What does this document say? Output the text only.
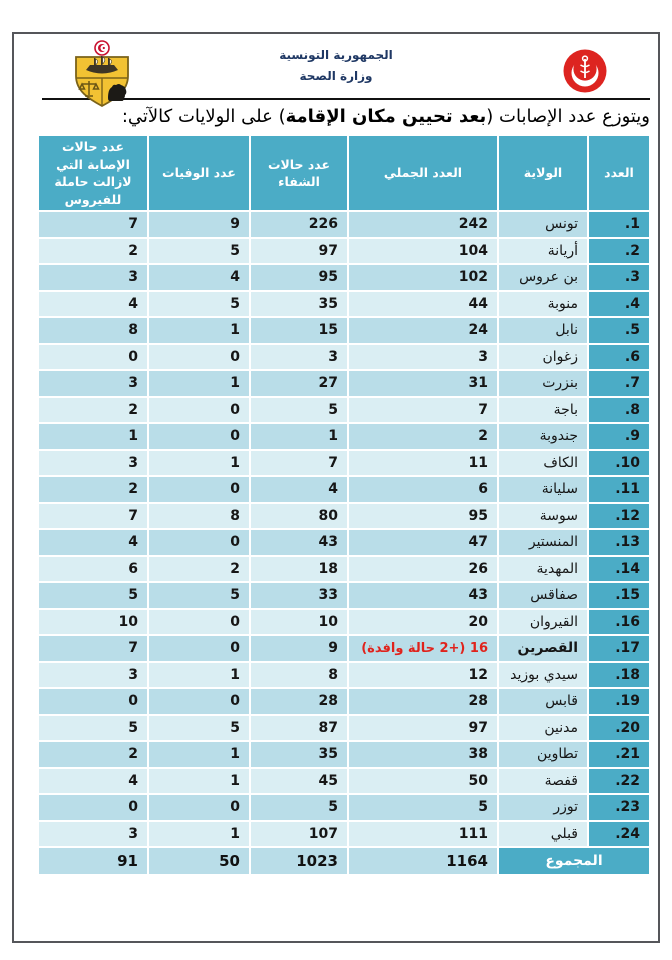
الجمهورية التونسية
وزارة الصحة
ويتوزع عدد الإصابات (بعد تحيين مكان الإقامة) على الولايات كالآتي:
العدد	الولاية	العدد الجملي	عدد حالات الشفاء	عدد الوفيات	عدد حالات الإصابة التي لازالت حاملة للفيروس
1.	تونس	242	226	9	7
2.	أريانة	104	97	5	2
3.	بن عروس	102	95	4	3
4.	منوبة	44	35	5	4
5.	نابل	24	15	1	8
6.	زغوان	3	3	0	0
7.	بنزرت	31	27	1	3
8.	باجة	7	5	0	2
9.	جندوبة	2	1	0	1
10.	الكاف	11	7	1	3
11.	سليانة	6	4	0	2
12.	سوسة	95	80	8	7
13.	المنستير	47	43	0	4
14.	المهدية	26	18	2	6
15.	صفاقس	43	33	5	5
16.	القيروان	20	10	0	10
17.	القصرين	16 (+2 حالة وافدة)	9	0	7
18.	سيدي بوزيد	12	8	1	3
19.	قابس	28	28	0	0
20.	مدنين	97	87	5	5
21.	تطاوين	38	35	1	2
22.	قفصة	50	45	1	4
23.	توزر	5	5	0	0
24.	قبلي	111	107	1	3
المجموع		1164	1023	50	91
